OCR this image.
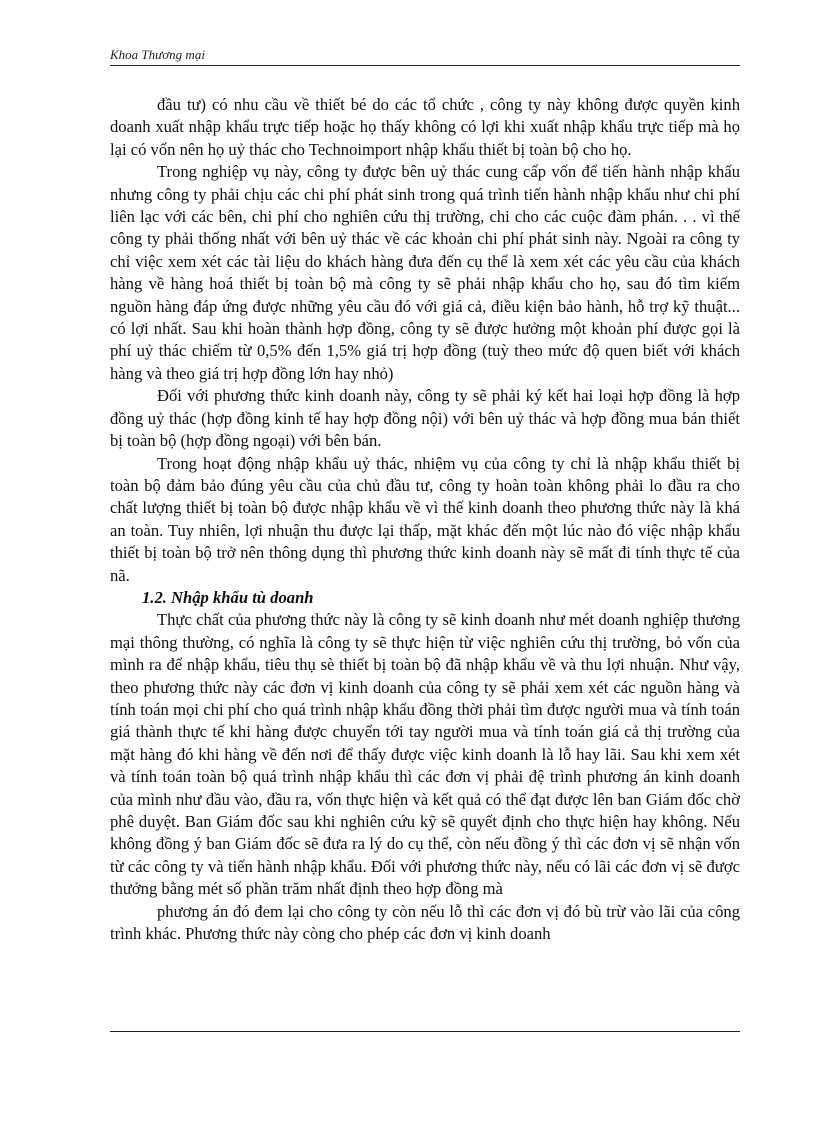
Khoa Thương mại

đầu tư) có nhu cầu về thiết bé do các tổ chức , công ty này không được quyền kinh doanh xuất nhập khẩu trực tiếp hoặc họ thấy không có lợi khi xuất nhập khẩu trực tiếp mà họ lại có vốn nên họ uỷ thác cho Technoimport nhập khẩu thiết bị toàn bộ cho họ.

Trong nghiệp vụ này, công ty được bên uỷ thác cung cấp vốn để tiến hành nhập khẩu nhưng công ty phải chịu các chi phí phát sinh trong quá trình tiến hành nhập khẩu như chi phí liên lạc với các bên, chi phí cho nghiên cứu thị trường, chi cho các cuộc đàm phán. . . vì thế công ty phải thống nhất với bên uỷ thác về các khoản chi phí phát sinh này. Ngoài ra công ty chỉ việc xem xét các tài liệu do khách hàng đưa đến cụ thể là xem xét các yêu cầu của khách hàng về hàng hoá thiết bị toàn bộ mà công ty sẽ phải nhập khẩu cho họ, sau đó tìm kiếm nguồn hàng đáp ứng được những yêu cầu đó với giá cả, điều kiện bảo hành, hỗ trợ kỹ thuật... có lợi nhất. Sau khi hoàn thành hợp đồng, công ty sẽ được hưởng một khoản phí được gọi là phí uỷ thác chiếm từ 0,5% đến 1,5% giá trị hợp đồng (tuỳ theo mức độ quen biết với khách hàng và theo giá trị hợp đồng lớn hay nhỏ)

Đối với phương thức kinh doanh này, công ty sẽ phải ký kết hai loại hợp đồng là hợp đồng uỷ thác (hợp đồng kinh tế hay hợp đồng nội) với bên uỷ thác và hợp đồng mua bán thiết bị toàn bộ (hợp đồng ngoại) với bên bán.

Trong hoạt động nhập khẩu uỷ thác, nhiệm vụ của công ty chỉ là nhập khẩu thiết bị toàn bộ đảm bảo đúng yêu cầu của chủ đầu tư, công ty hoàn toàn không phải lo đầu ra cho chất lượng thiết bị toàn bộ được nhập khẩu về vì thế kinh doanh theo phương thức này là khá an toàn. Tuy nhiên, lợi nhuận thu được lại thấp, mặt khác đến một lúc nào đó việc nhập khẩu thiết bị toàn bộ trở nên thông dụng thì phương thức kinh doanh này sẽ mất đi tính thực tế của nã.

1.2. Nhập khẩu tù doanh

Thực chất của phương thức này là công ty sẽ kinh doanh như mét doanh nghiệp thương mại thông thường, có nghĩa là công ty sẽ thực hiện từ việc nghiên cứu thị trường, bỏ vốn của mình ra để nhập khẩu, tiêu thụ sè thiết bị toàn bộ đã nhập khẩu về và thu lợi nhuận. Như vậy, theo phương thức này các đơn vị kinh doanh của công ty sẽ phải xem xét các nguồn hàng và tính toán mọi chi phí cho quá trình nhập khẩu đồng thời phải tìm được người mua và tính toán giá thành thực tế khi hàng được chuyển tới tay người mua và tính toán giá cả thị trường của mặt hàng đó khi hàng về đến nơi để thấy được việc kinh doanh là lỗ hay lãi. Sau khi xem xét và tính toán toàn bộ quá trình nhập khẩu thì các đơn vị phải đệ trình phương án kinh doanh của mình như đầu vào, đầu ra, vốn thực hiện và kết quả có thể đạt được lên ban Giám đốc chờ phê duyệt. Ban Giám đốc sau khi nghiên cứu kỹ sẽ quyết định cho thực hiện hay không. Nếu không đồng ý ban Giám đốc sẽ đưa ra lý do cụ thể, còn nếu đồng ý thì các đơn vị sẽ nhận vốn từ các công ty và tiến hành nhập khẩu. Đối với phương thức này, nếu có lãi các đơn vị sẽ được thưởng bằng mét số phần trăm nhất định theo hợp đồng mà

phương án đó đem lại cho công ty còn nếu lỗ thì các đơn vị đó bù trừ vào lãi của công trình khác. Phương thức này còng cho phép các đơn vị kinh doanh
